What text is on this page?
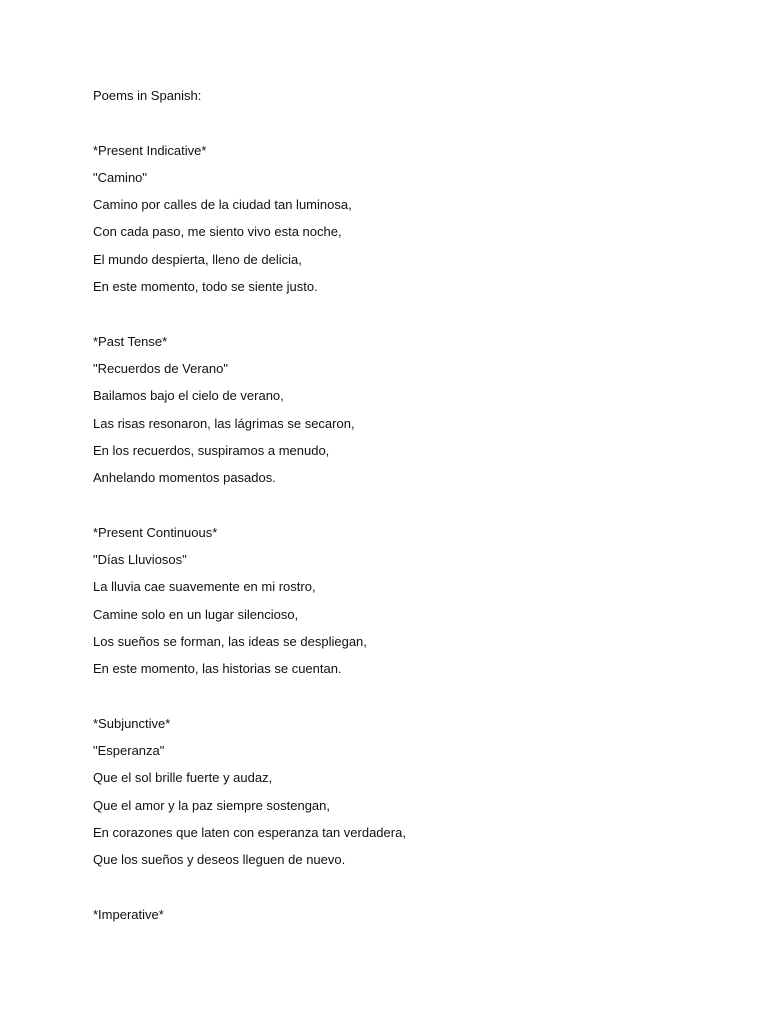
Poems in Spanish:
*Present Indicative*
"Camino"
Camino por calles de la ciudad tan luminosa,
Con cada paso, me siento vivo esta noche,
El mundo despierta, lleno de delicia,
En este momento, todo se siente justo.
*Past Tense*
"Recuerdos de Verano"
Bailamos bajo el cielo de verano,
Las risas resonaron, las lágrimas se secaron,
En los recuerdos, suspiramos a menudo,
Anhelando momentos pasados.
*Present Continuous*
"Días Lluviosos"
La lluvia cae suavemente en mi rostro,
Camine solo en un lugar silencioso,
Los sueños se forman, las ideas se despliegan,
En este momento, las historias se cuentan.
*Subjunctive*
"Esperanza"
Que el sol brille fuerte y audaz,
Que el amor y la paz siempre sostengan,
En corazones que laten con esperanza tan verdadera,
Que los sueños y deseos lleguen de nuevo.
*Imperative*
